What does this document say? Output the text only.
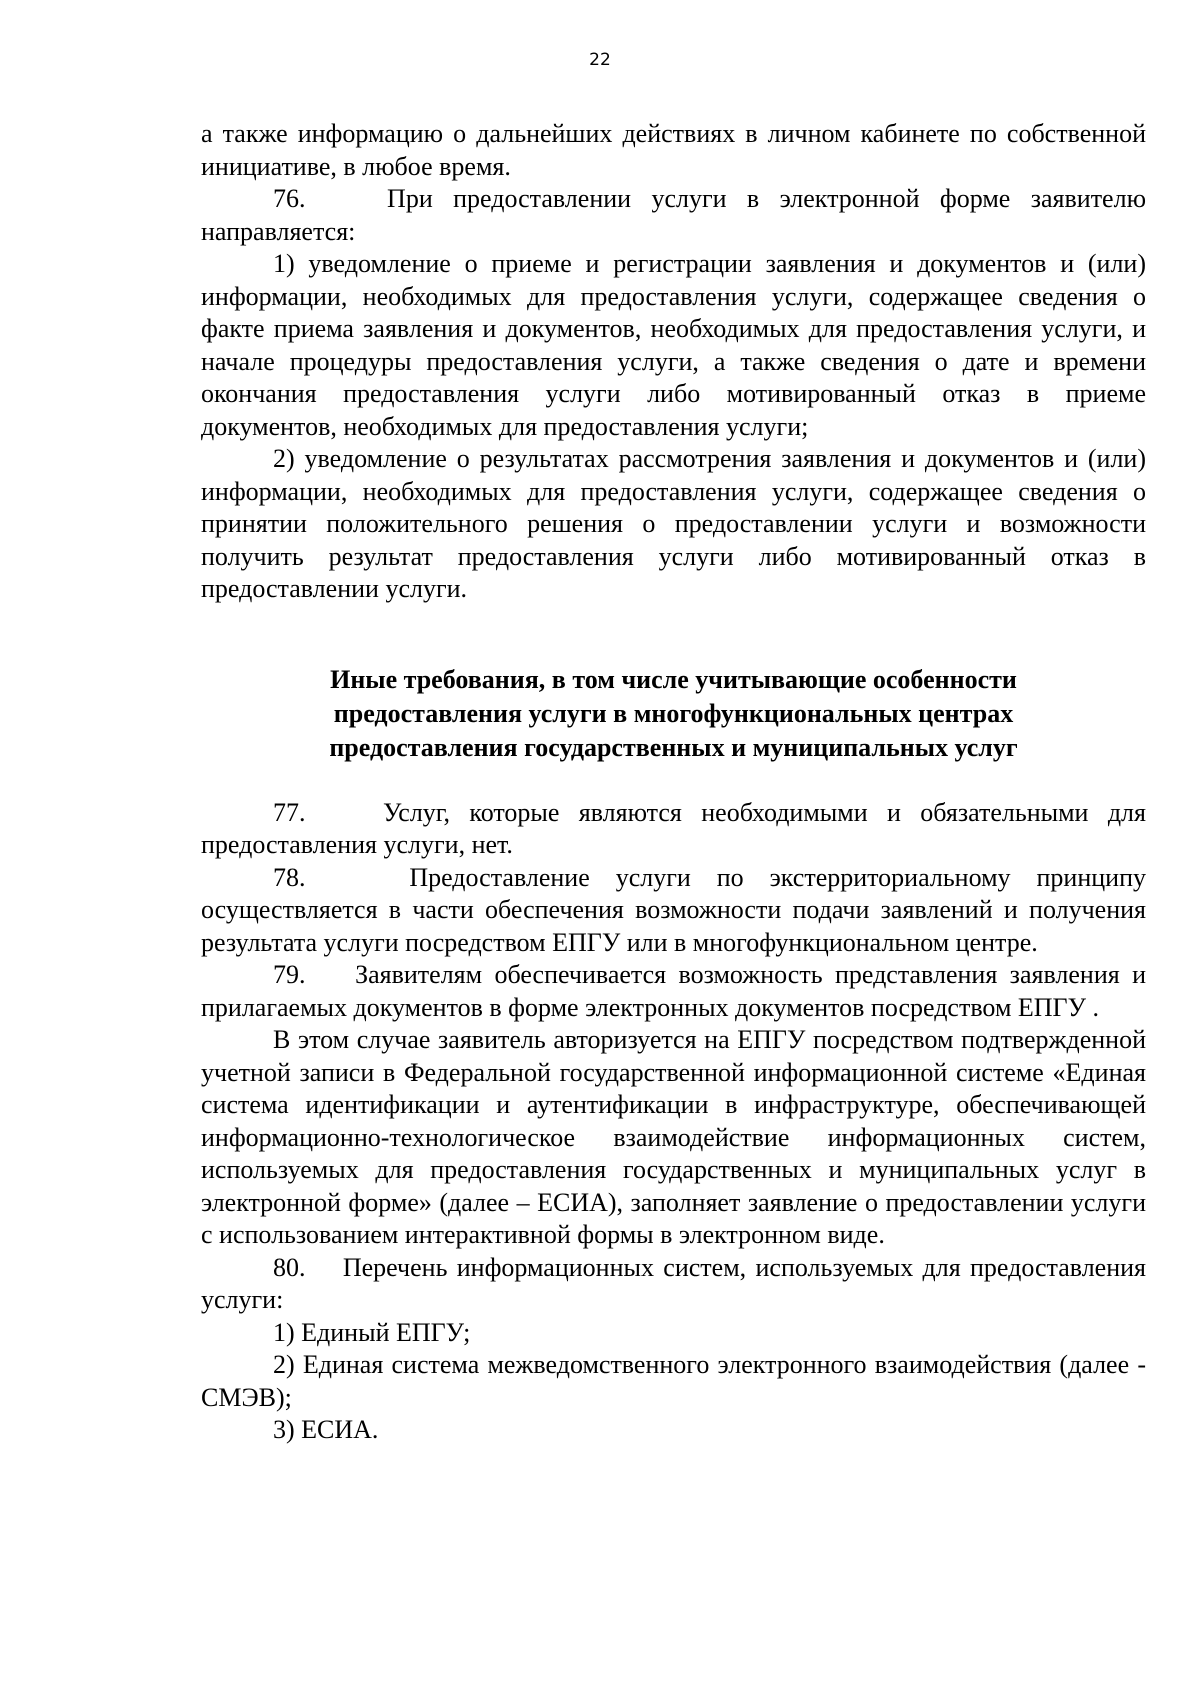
22

а также информацию о дальнейших действиях в личном кабинете по собственной инициативе, в любое время.

76.    При предоставлении услуги в электронной форме заявителю направляется:

1) уведомление о приеме и регистрации заявления и документов и (или) информации, необходимых для предоставления услуги, содержащее сведения о факте приема заявления и документов, необходимых для предоставления услуги, и начале процедуры предоставления услуги, а также сведения о дате и времени окончания предоставления услуги либо мотивированный отказ в приеме документов, необходимых для предоставления услуги;

2) уведомление о результатах рассмотрения заявления и документов и (или) информации, необходимых для предоставления услуги, содержащее сведения о принятии положительного решения о предоставлении услуги и возможности получить результат предоставления услуги либо мотивированный отказ в предоставлении услуги.

Иные требования, в том числе учитывающие особенности
предоставления услуги в многофункциональных центрах
предоставления государственных и муниципальных услуг

77.    Услуг, которые являются необходимыми и обязательными для предоставления услуги, нет.

78.    Предоставление услуги по экстерриториальному принципу осуществляется в части обеспечения возможности подачи заявлений и получения результата услуги посредством ЕПГУ или в многофункциональном центре.

79.    Заявителям обеспечивается возможность представления заявления и прилагаемых документов в форме электронных документов посредством ЕПГУ .

В этом случае заявитель авторизуется на ЕПГУ посредством подтвержденной учетной записи в Федеральной государственной информационной системе «Единая система идентификации и аутентификации в инфраструктуре, обеспечивающей информационно-технологическое взаимодействие информационных систем, используемых для предоставления государственных и муниципальных услуг в электронной форме» (далее – ЕСИА), заполняет заявление о предоставлении услуги с использованием интерактивной формы в электронном виде.

80.    Перечень информационных систем, используемых для предоставления услуги:

1) Единый ЕПГУ;

2) Единая система межведомственного электронного взаимодействия (далее - СМЭВ);

3) ЕСИА.
